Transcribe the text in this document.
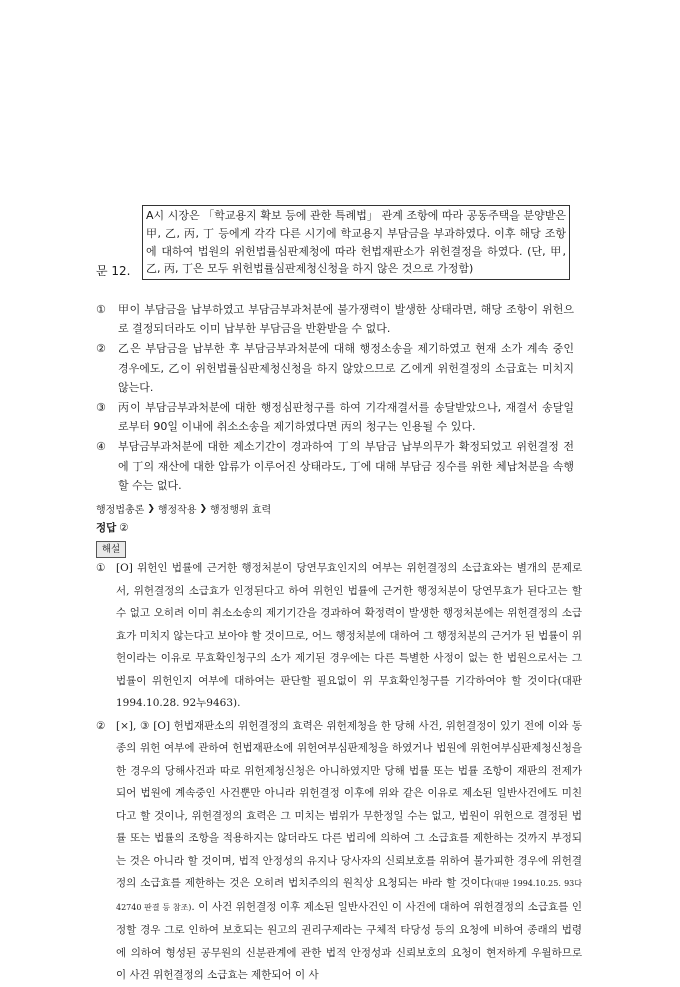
문 12.
A시 시장은 「학교용지 확보 등에 관한 특례법」 관계 조항에 따라 공동주택을 분양받은 甲, 乙, 丙, 丁 등에게 각각 다른 시기에 학교용지 부담금을 부과하였다. 이후 해당 조항에 대하여 법원의 위헌법률심판제청에 따라 헌법재판소가 위헌결정을 하였다. (단, 甲, 乙, 丙, 丁은 모두 위헌법률심판제청신청을 하지 않은 것으로 가정함)
①	甲이 부담금을 납부하였고 부담금부과처분에 불가쟁력이 발생한 상태라면, 해당 조항이 위헌으로 결정되더라도 이미 납부한 부담금을 반환받을 수 없다.
②	乙은 부담금을 납부한 후 부담금부과처분에 대해 행정소송을 제기하였고 현재 소가 계속 중인 경우에도, 乙이 위헌법률심판제청신청을 하지 않았으므로 乙에게 위헌결정의 소급효는 미치지 않는다.
③	丙이 부담금부과처분에 대한 행정심판청구를 하여 기각재결서를 송달받았으나, 재결서 송달일로부터 90일 이내에 취소소송을 제기하였다면 丙의 청구는 인용될 수 있다.
④	부담금부과처분에 대한 제소기간이 경과하여 丁의 부담금 납부의무가 확정되었고 위헌결정 전에 丁의 재산에 대한 압류가 이루어진 상태라도, 丁에 대해 부담금 징수를 위한 체납처분을 속행할 수는 없다.
행정법총론 ❯ 행정작용 ❯ 행정행위 효력
정답 ②
해설
①	[O] 위헌인 법률에 근거한 행정처분이 당연무효인지의 여부는 위헌결정의 소급효와는 별개의 문제로서, 위헌결정의 소급효가 인정된다고 하여 위헌인 법률에 근거한 행정처분이 당연무효가 된다고는 할 수 없고 오히려 이미 취소소송의 제기기간을 경과하여 확정력이 발생한 행정처분에는 위헌결정의 소급효가 미치지 않는다고 보아야 할 것이므로, 어느 행정처분에 대하여 그 행정처분의 근거가 된 법률이 위헌이라는 이유로 무효확인청구의 소가 제기된 경우에는 다른 특별한 사정이 없는 한 법원으로서는 그 법률이 위헌인지 여부에 대하여는 판단할 필요없이 위 무효확인청구를 기각하여야 할 것이다(대판 1994.10.28. 92누9463).
②	[×], ③ [O] 헌법재판소의 위헌결정의 효력은 위헌제청을 한 당해 사건, 위헌결정이 있기 전에 이와 동종의 위헌 여부에 관하여 헌법재판소에 위헌여부심판제청을 하였거나 법원에 위헌여부심판제청신청을 한 경우의 당해사건과 따로 위헌제청신청은 아니하였지만 당해 법률 또는 법률 조항이 재판의 전제가 되어 법원에 계속중인 사건뿐만 아니라 위헌결정 이후에 위와 같은 이유로 제소된 일반사건에도 미친다고 할 것이나, 위헌결정의 효력은 그 미치는 범위가 무한정일 수는 없고, 법원이 위헌으로 결정된 법률 또는 법률의 조항을 적용하지는 않더라도 다른 법리에 의하여 그 소급효를 제한하는 것까지 부정되는 것은 아니라 할 것이며, 법적 안정성의 유지나 당사자의 신뢰보호를 위하여 불가피한 경우에 위헌결정의 소급효를 제한하는 것은 오히려 법치주의의 원칙상 요청되는 바라 할 것이다(대판 1994.10.25. 93다42740 판결 등 참조). 이 사건 위헌결정 이후 제소된 일반사건인 이 사건에 대하여 위헌결정의 소급효를 인정할 경우 그로 인하여 보호되는 원고의 권리구제라는 구체적 타당성 등의 요청에 비하여 종래의 법령에 의하여 형성된 공무원의 신분관계에 관한 법적 안정성과 신뢰보호의 요청이 현저하게 우월하므로 이 사건 위헌결정의 소급효는 제한되어 이 사
